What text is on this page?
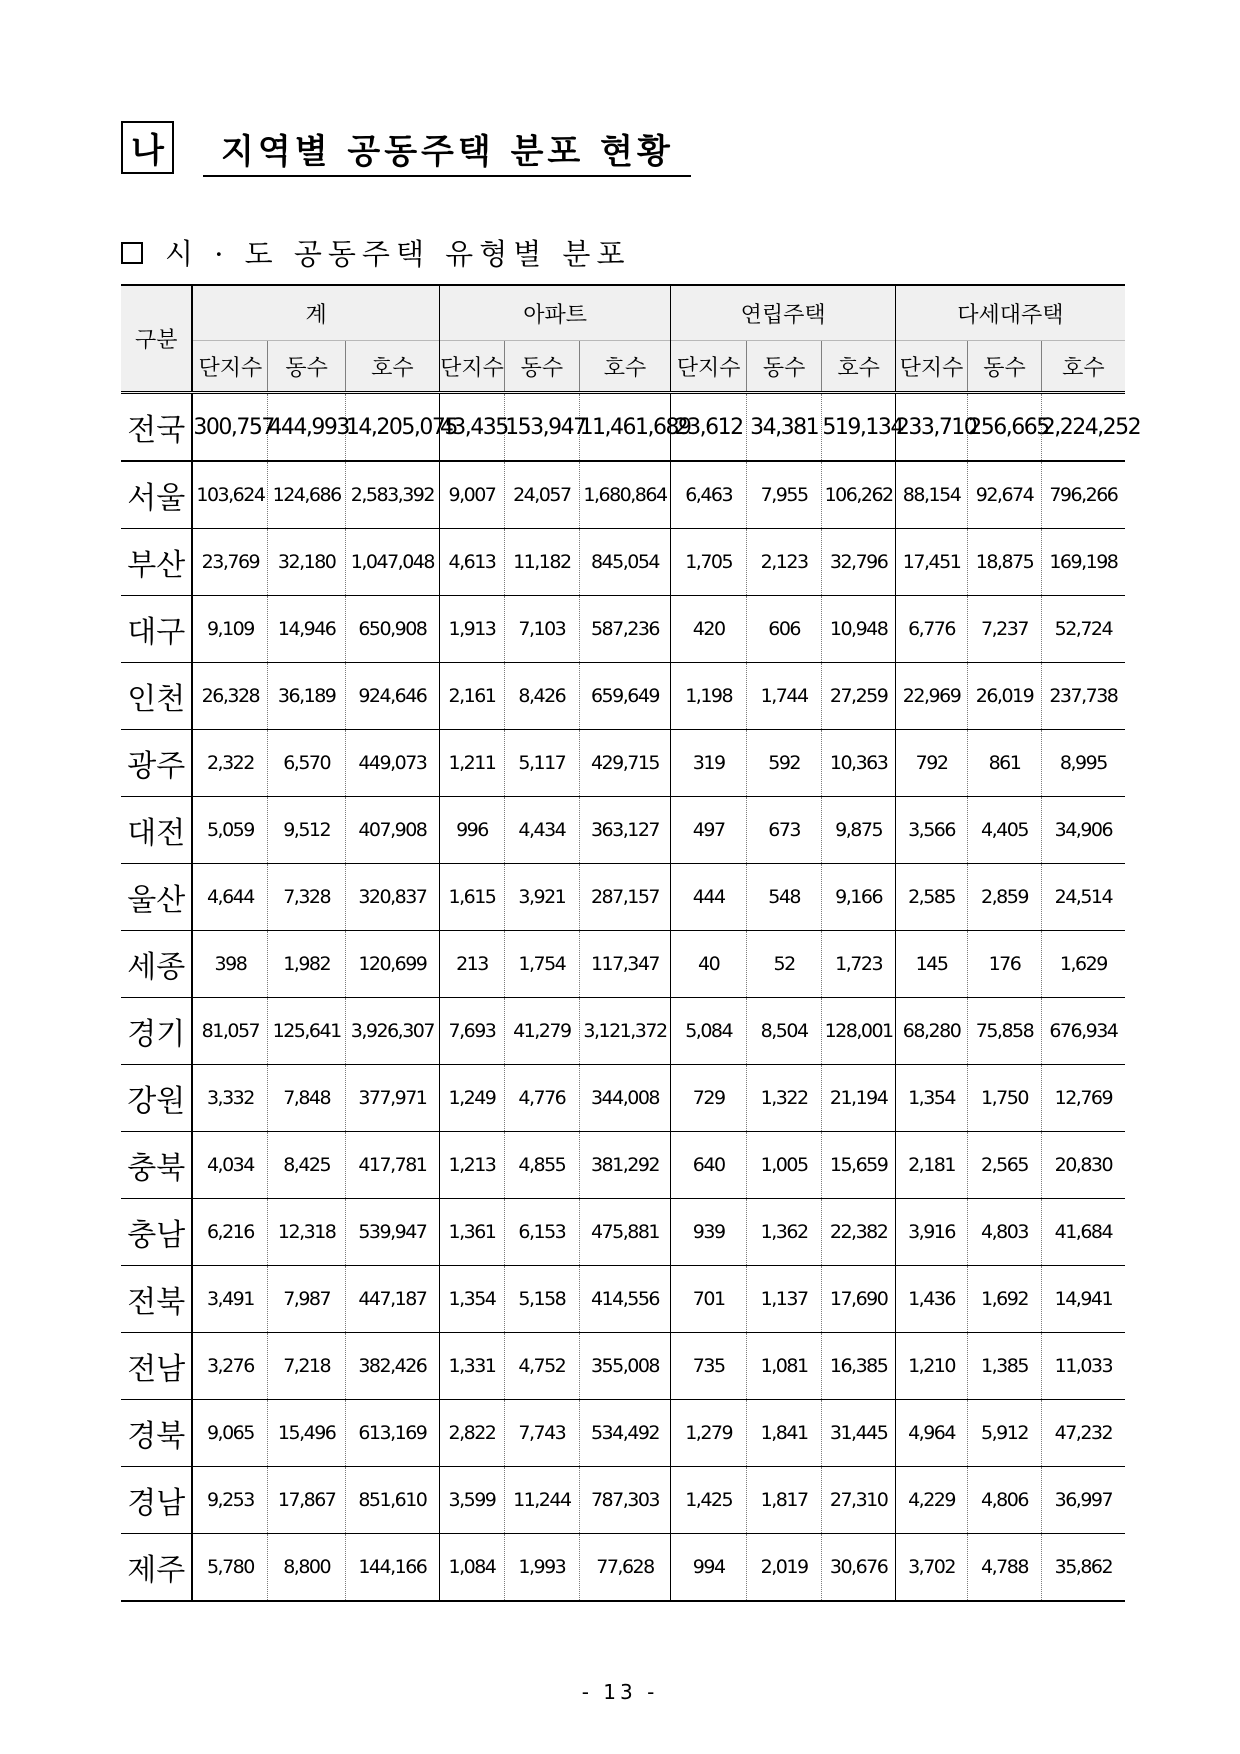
나 지역별 공동주택 분포 현황
시 · 도 공동주택 유형별 분포
구분	계			아파트			연립주택			다세대주택		
	단지수	동수	호수	단지수	동수	호수	단지수	동수	호수	단지수	동수	호수
전국	300,757	444,993	14,205,075	43,435	153,947	11,461,689	23,612	34,381	519,134	233,710	256,665	2,224,252
서울	103,624	124,686	2,583,392	9,007	24,057	1,680,864	6,463	7,955	106,262	88,154	92,674	796,266
부산	23,769	32,180	1,047,048	4,613	11,182	845,054	1,705	2,123	32,796	17,451	18,875	169,198
대구	9,109	14,946	650,908	1,913	7,103	587,236	420	606	10,948	6,776	7,237	52,724
인천	26,328	36,189	924,646	2,161	8,426	659,649	1,198	1,744	27,259	22,969	26,019	237,738
광주	2,322	6,570	449,073	1,211	5,117	429,715	319	592	10,363	792	861	8,995
대전	5,059	9,512	407,908	996	4,434	363,127	497	673	9,875	3,566	4,405	34,906
울산	4,644	7,328	320,837	1,615	3,921	287,157	444	548	9,166	2,585	2,859	24,514
세종	398	1,982	120,699	213	1,754	117,347	40	52	1,723	145	176	1,629
경기	81,057	125,641	3,926,307	7,693	41,279	3,121,372	5,084	8,504	128,001	68,280	75,858	676,934
강원	3,332	7,848	377,971	1,249	4,776	344,008	729	1,322	21,194	1,354	1,750	12,769
충북	4,034	8,425	417,781	1,213	4,855	381,292	640	1,005	15,659	2,181	2,565	20,830
충남	6,216	12,318	539,947	1,361	6,153	475,881	939	1,362	22,382	3,916	4,803	41,684
전북	3,491	7,987	447,187	1,354	5,158	414,556	701	1,137	17,690	1,436	1,692	14,941
전남	3,276	7,218	382,426	1,331	4,752	355,008	735	1,081	16,385	1,210	1,385	11,033
경북	9,065	15,496	613,169	2,822	7,743	534,492	1,279	1,841	31,445	4,964	5,912	47,232
경남	9,253	17,867	851,610	3,599	11,244	787,303	1,425	1,817	27,310	4,229	4,806	36,997
제주	5,780	8,800	144,166	1,084	1,993	77,628	994	2,019	30,676	3,702	4,788	35,862
- 13 -
